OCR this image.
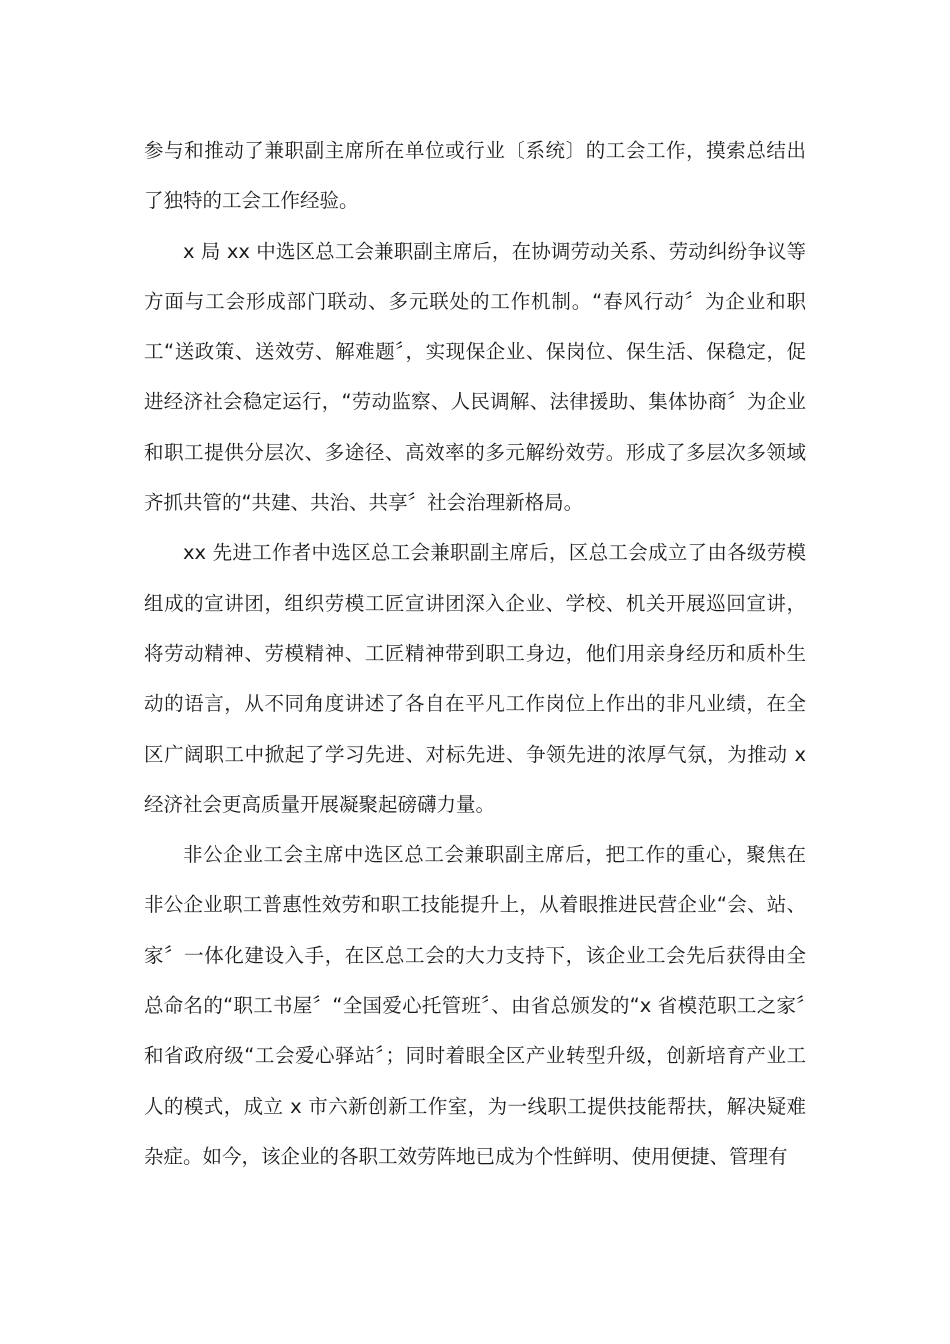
参与和推动了兼职副主席所在单位或行业〔系统〕的工会工作，摸索总结出了独特的工会工作经验。

x 局 xx 中选区总工会兼职副主席后，在协调劳动关系、劳动纠纷争议等方面与工会形成部门联动、多元联处的工作机制。“春风行动〞为企业和职工“送政策、送效劳、解难题〞，实现保企业、保岗位、保生活、保稳定，促进经济社会稳定运行，“劳动监察、人民调解、法律援助、集体协商〞为企业和职工提供分层次、多途径、高效率的多元解纷效劳。形成了多层次多领域齐抓共管的“共建、共治、共享〞社会治理新格局。

xx 先进工作者中选区总工会兼职副主席后，区总工会成立了由各级劳模组成的宣讲团，组织劳模工匠宣讲团深入企业、学校、机关开展巡回宣讲，将劳动精神、劳模精神、工匠精神带到职工身边，他们用亲身经历和质朴生动的语言，从不同角度讲述了各自在平凡工作岗位上作出的非凡业绩，在全区广阔职工中掀起了学习先进、对标先进、争领先进的浓厚气氛，为推动 x 经济社会更高质量开展凝聚起磅礴力量。

非公企业工会主席中选区总工会兼职副主席后，把工作的重心，聚焦在非公企业职工普惠性效劳和职工技能提升上，从着眼推进民营企业“会、站、家〞一体化建设入手，在区总工会的大力支持下，该企业工会先后获得由全总命名的“职工书屋〞“全国爱心托管班〞、由省总颁发的“x 省模范职工之家〞和省政府级“工会爱心驿站〞；同时着眼全区产业转型升级，创新培育产业工人的模式，成立 x 市六新创新工作室，为一线职工提供技能帮扶，解决疑难杂症。如今，该企业的各职工效劳阵地已成为个性鲜明、使用便捷、管理有
